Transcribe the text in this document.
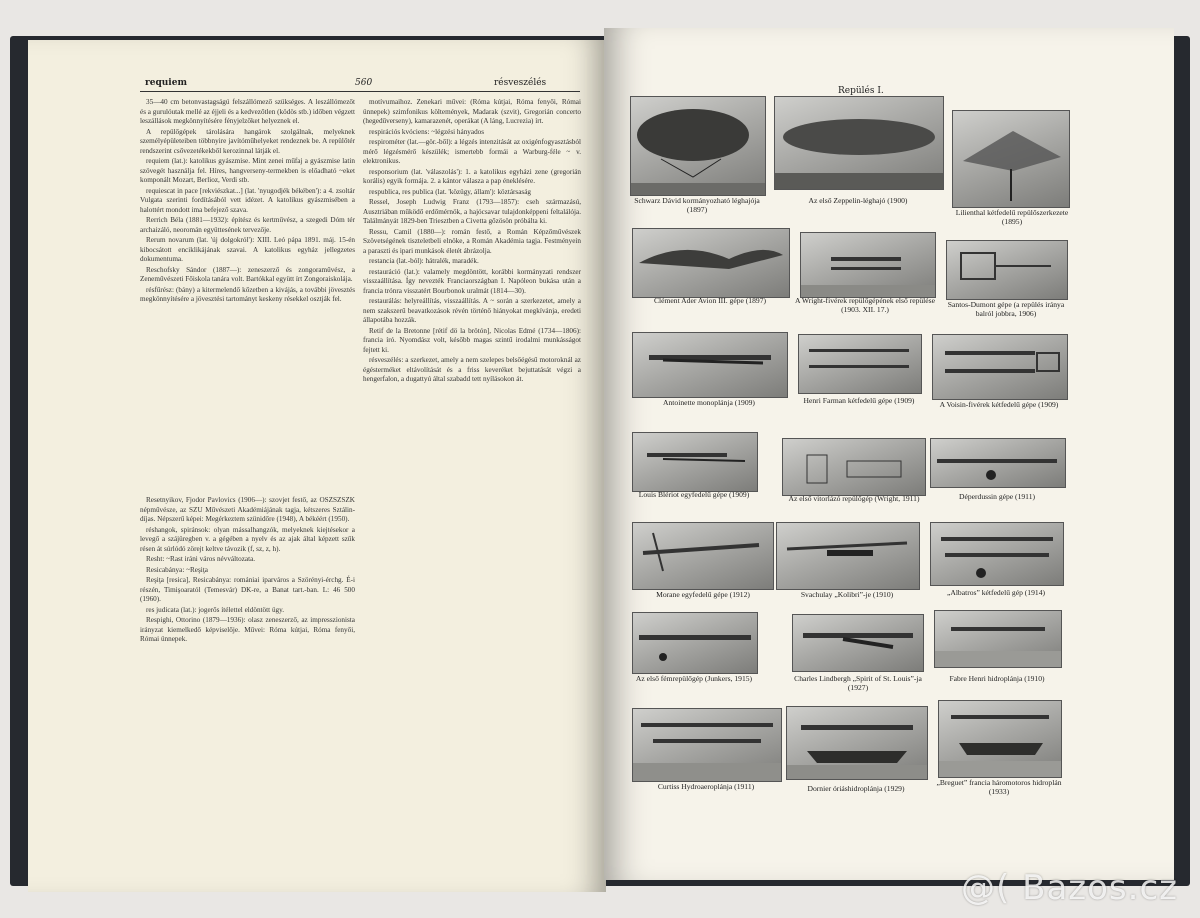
requiem	560	résveszélés

35—40 cm betonvastagságú felszállómező szükséges. A leszállómezőt és a gurulóutak mellé az éjjeli és a kedvezőtlen (ködös stb.) időben végzett leszállások megkönnyítésére fényjelzőket helyeznek el.

A repülőgépek tárolására hangárok szolgálnak, melyeknek személyépületeiben többnyire javítóműhelyeket rendeznek be. A repülőtér rendszerint csővezetékekből kerozinnal látják el.

requiem (lat.): katolikus gyászmise. Mint zenei műfaj a gyászmise latin szövegét használja fel. Híres, hangverseny-termekben is előadható ~eket komponált Mozart, Berlioz, Verdi stb.

requiescat in pace [rekviészkat...] (lat. 'nyugodjék békében'): a 4. zsoltár Vulgata szerinti fordításából vett idézet. A katolikus gyászmisében a halottért mondott ima befejező szava.

Rerrich Béla (1881—1932): építész és kertművész, a szegedi Dóm tér archaizáló, neoromán együttesének tervezője.

Rerum novarum (lat. 'új dolgokról'): XIII. Leó pápa 1891. máj. 15-én kibocsátott enciklikájának szavai. A katolikus egyház jellegzetes dokumentuma.

Reschofsky Sándor (1887—): zeneszerző és zongoraművész, a Zeneművészeti Főiskola tanára volt. Bartókkal együtt írt Zongoraiskolája.

résfűrész: (bány) a kitermelendő kőzetben a kivájás, a további jövesztés megkönnyítésére a jövesztési tartományt keskeny résekkel osztják fel.

Resetnyikov, Fjodor Pavlovics (1906—): szovjet festő, az OSZSZSZK népművésze, az SZU Művészeti Akadémiájának tagja, kétszeres Sztálin-díjas. Népszerű képei: Megérkeztem szünidőre (1948), A békéért (1950).

réshangok, spiránsok: olyan mássalhangzók, melyeknek kiejtésekor a levegő a szájüregben v. a gégében a nyelv és az ajak által képzett szűk résen át súrlódó zörejt keltve távozik (f, sz, z, h).

Resht: ~Rast iráni város névváltozata.

Resicabánya: ~Reşiţa

Reşiţa [resica], Resicabánya: romániai iparváros a Szörényi-érchg. É-i részén, Timişoaratól (Temesvár) DK-re, a Banat tart.-ban. L: 46 500 (1960).

res judicata (lat.): jogerős ítélettel eldöntött ügy.

Respighi, Ottorino (1879—1936): olasz zeneszerző, az impresszionista irányzat kiemelkedő képviselője. Művei: Róma kútjai, Róma fenyői, Római ünnepek.

motívumaihoz. Zenekari művei: (Róma kútjai, Róma fenyői, Római ünnepek) szimfonikus költemények, Madarak (szvit), Gregorián concerto (hegedűverseny), kamarazenét, operákat (A láng, Lucrezia) írt.

respirációs kvóciens: ~légzési hányados

respirométer (lat.—gör.-ből): a légzés intenzitását az oxigénfogyasztásból mérő légzésmérő készülék; ismertebb formái a Warburg-féle ~ v. elektronikus.

responsorium (lat. 'válaszolás'): 1. a katolikus egyházi zene (gregorián korális) egyik formája. 2. a kántor válasza a pap éneklésére.

respublica, res publica (lat. 'közügy, állam'): köztársaság

Ressel, Joseph Ludwig Franz (1793—1857): cseh származású, Ausztriában működő erdőmérnök, a hajócsavar tulajdonképpeni feltalálója. Találmányát 1829-ben Triesztben a Civetta gőzösön próbálta ki.

Ressu, Camil (1880—): román festő, a Román Képzőművészek Szövetségének tiszteletbeli elnöke, a Román Akadémia tagja. Festményein a paraszti és ipari munkások életét ábrázolja.

restancia (lat.-ból): hátralék, maradék.

restauráció (lat.): valamely megdöntött, korábbi kormányzati rendszer visszaállítása. Így nevezték Franciaországban I. Napóleon bukása után a francia trónra visszatért Bourbonok uralmát (1814—30).

restaurálás: helyreállítás, visszaállítás. A ~ során a szerkezetet, amely a nem szakszerű beavatkozások révén történő hiányokat megkívánja, eredeti állapotába hozzák.

Retif de la Bretonne [rétif dö la brötón], Nicolas Edmé (1734—1806): francia író. Nyomdász volt, később magas szintű irodalmi munkásságot fejtett ki.

résveszélés: a szerkezet, amely a nem szelepes belsőégésű motoroknál az égésterméket eltávolítását és a friss keveréket bejuttatását végzi a hengerfalon, a dugattyú által szabadd tett nyílásokon át.

Repülés I.
Schwarz Dávid kormányozható léghajója (1897)
Az első Zeppelin-léghajó (1900)
Lilienthal kétfedelű repülőszerkezete (1895)
Clément Ader Avion III. gépe (1897)	A Wright-fivérek repülőgépének első repülése (1903. XII. 17.)
Santos-Dumont gépe (a repülés iránya balról jobbra, 1906)
Antoinette monoplánja (1909)	Henri Farman kétfedelű gépe (1909)	A Voisin-fivérek kétfedelű gépe (1909)
Louis Blériot egyfedelű gépe (1909)	Az első vitorlázó repülőgép (Wright, 1911)	Déperdussin gépe (1911)
Morane egyfedelű gépe (1912)	Svachulay „Kolibri”-je (1910)	„Albatros” kétfedelű gép (1914)
Az első fémrepülőgép (Junkers, 1915)	Charles Lindbergh „Spirit of St. Louis”-ja (1927)
Fabre Henri hidroplánja (1910)
Curtiss Hydroaeroplánja (1911)	Dornier óriáshidroplánja (1929)
„Breguet” francia háromotoros hidroplán (1933)
@( Bazos.cz
